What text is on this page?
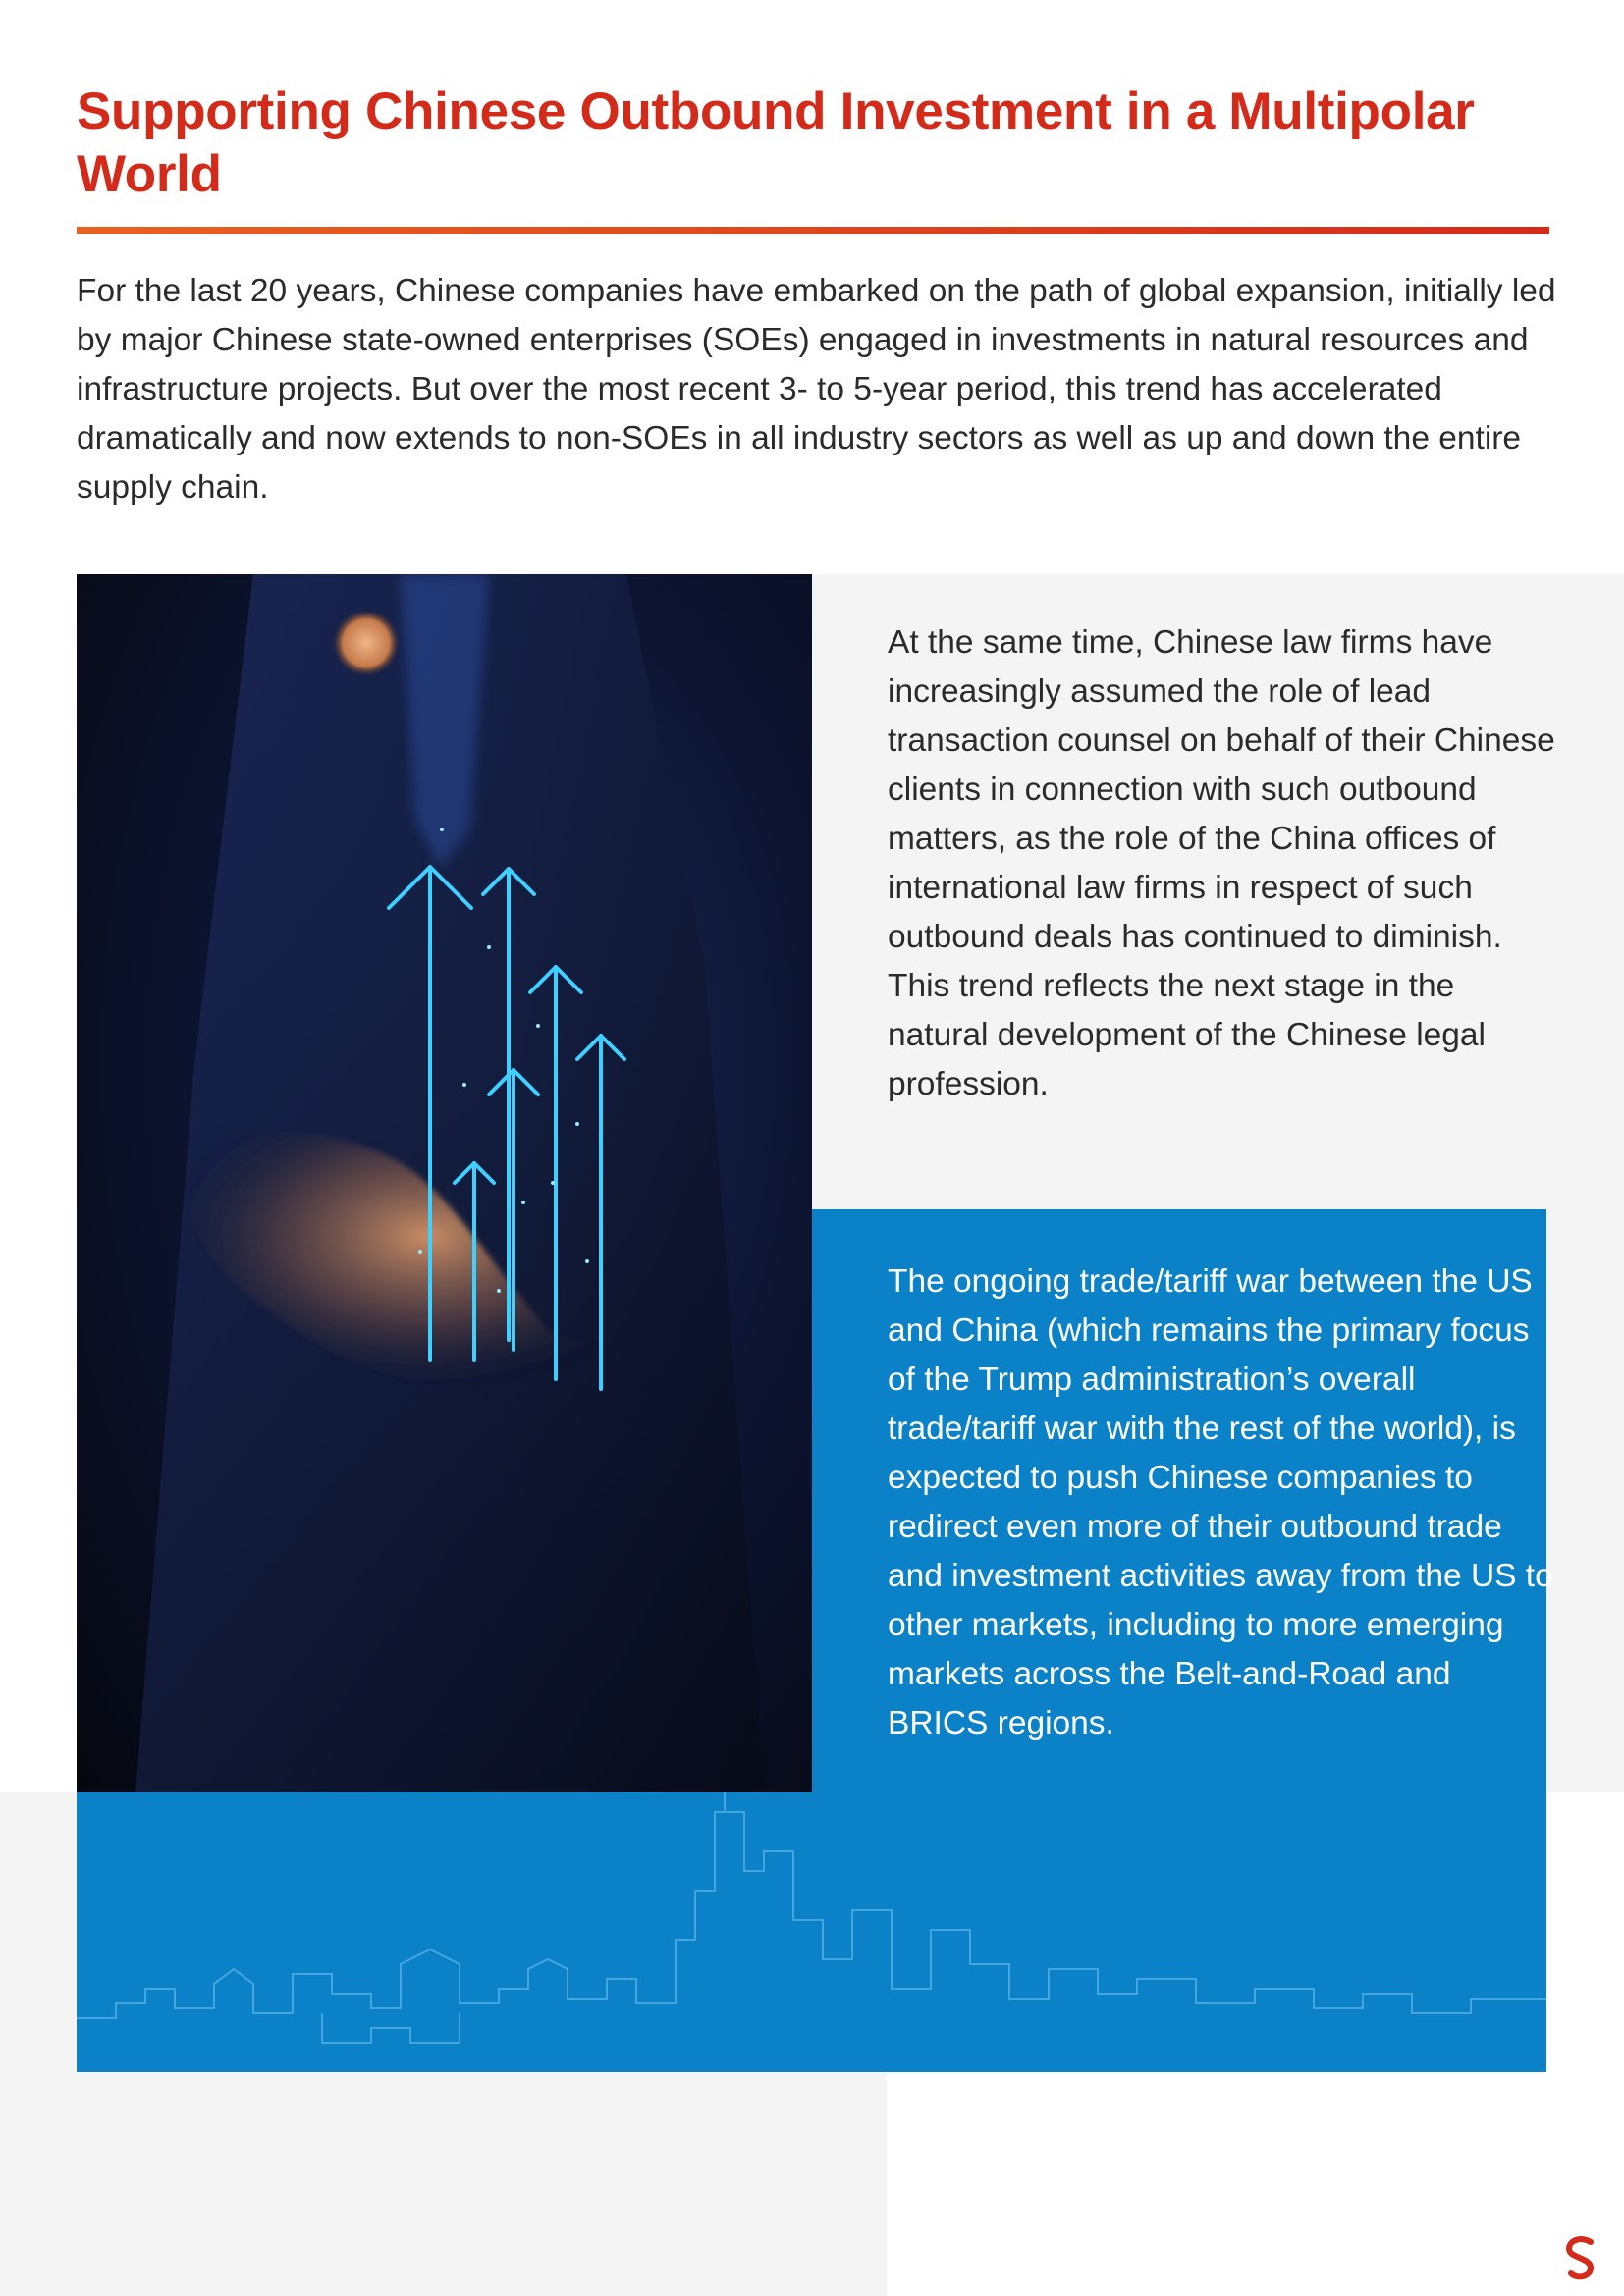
Supporting Chinese Outbound Investment in a Multipolar World

For the last 20 years, Chinese companies have embarked on the path of global expansion, initially led by major Chinese state-owned enterprises (SOEs) engaged in investments in natural resources and infrastructure projects. But over the most recent 3- to 5-year period, this trend has accelerated dramatically and now extends to non-SOEs in all industry sectors as well as up and down the entire supply chain.

At the same time, Chinese law firms have increasingly assumed the role of lead transaction counsel on behalf of their Chinese clients in connection with such outbound matters, as the role of the China offices of international law firms in respect of such outbound deals has continued to diminish. This trend reflects the next stage in the natural development of the Chinese legal profession.

The ongoing trade/tariff war between the US and China (which remains the primary focus of the Trump administration’s overall trade/tariff war with the rest of the world), is expected to push Chinese companies to redirect even more of their outbound trade and investment activities away from the US to other markets, including to more emerging markets across the Belt-and-Road and BRICS regions.
